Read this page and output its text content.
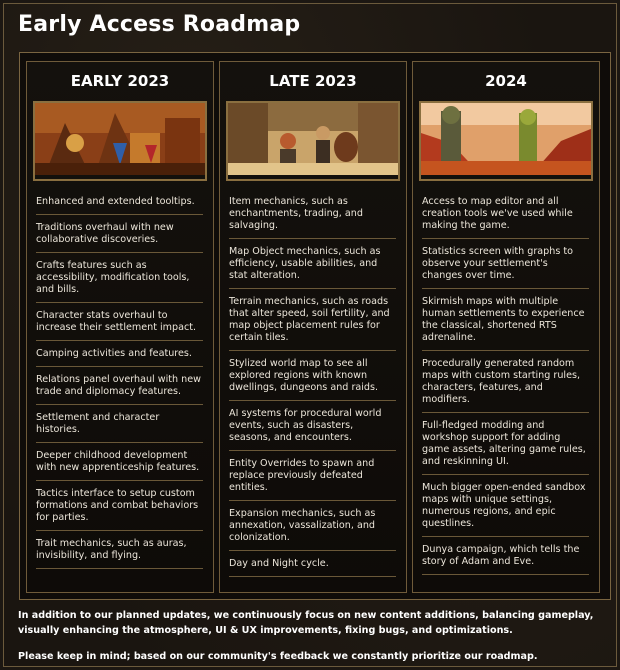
Early Access Roadmap
EARLY 2023
Enhanced and extended tooltips.
Traditions overhaul with new collaborative discoveries.
Crafts features such as accessibility, modification tools, and bills.
Character stats overhaul to increase their settlement impact.
Camping activities and features.
Relations panel overhaul with new trade and diplomacy features.
Settlement and character histories.
Deeper childhood development with new apprenticeship features.
Tactics interface to setup custom formations and combat behaviors for parties.
Trait mechanics, such as auras, invisibility, and flying.
LATE 2023
Item mechanics, such as enchantments, trading, and salvaging.
Map Object mechanics, such as efficiency, usable abilities, and stat alteration.
Terrain mechanics, such as roads that alter speed, soil fertility, and map object placement rules for certain tiles.
Stylized world map to see all explored regions with known dwellings, dungeons and raids.
AI systems for procedural world events, such as disasters, seasons, and encounters.
Entity Overrides to spawn and replace previously defeated entities.
Expansion mechanics, such as annexation, vassalization, and colonization.
Day and Night cycle.
2024
Access to map editor and all creation tools we've used while making the game.
Statistics screen with graphs to observe your settlement's changes over time.
Skirmish maps with multiple human settlements to experience the classical, shortened RTS adrenaline.
Procedurally generated random maps with custom starting rules, characters, features, and modifiers.
Full-fledged modding and workshop support for adding game assets, altering game rules, and reskinning UI.
Much bigger open-ended sandbox maps with unique settings, numerous regions, and epic questlines.
Dunya campaign, which tells the story of Adam and Eve.
In addition to our planned updates, we continuously focus on new content additions, balancing gameplay, visually enhancing the atmosphere, UI & UX improvements, fixing bugs, and optimizations.
Please keep in mind; based on our community's feedback we constantly prioritize our roadmap.
